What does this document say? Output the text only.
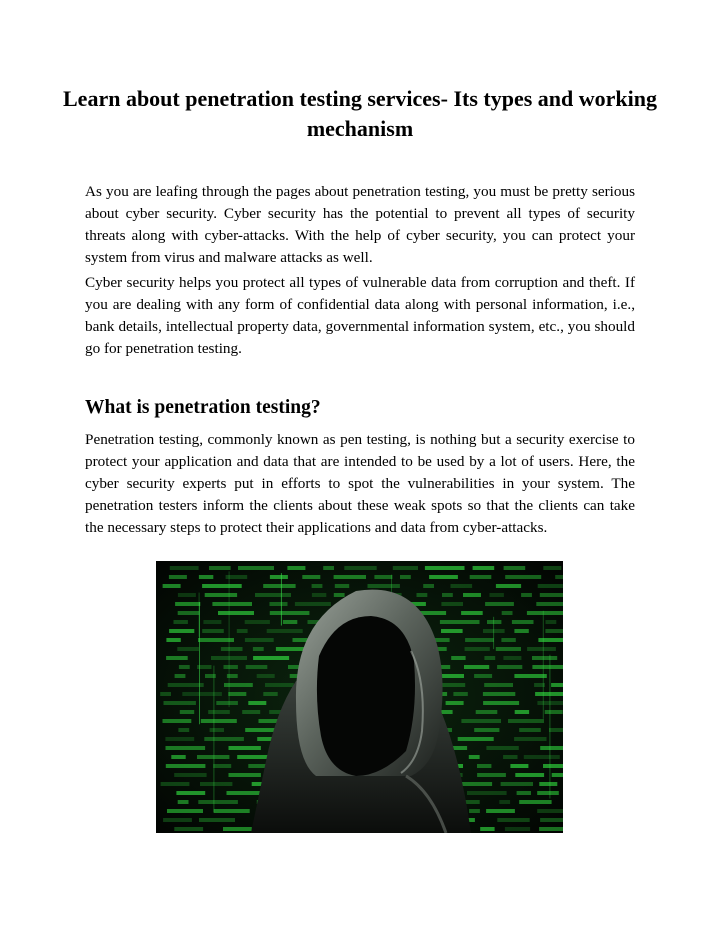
Learn about penetration testing services- Its types and working mechanism

As you are leafing through the pages about penetration testing, you must be pretty serious about cyber security. Cyber security has the potential to prevent all types of security threats along with cyber-attacks. With the help of cyber security, you can protect your system from virus and malware attacks as well.

Cyber security helps you protect all types of vulnerable data from corruption and theft. If you are dealing with any form of confidential data along with personal information, i.e., bank details, intellectual property data, governmental information system, etc., you should go for penetration testing.

What is penetration testing?

Penetration testing, commonly known as pen testing, is nothing but a security exercise to protect your application and data that are intended to be used by a lot of users. Here, the cyber security experts put in efforts to spot the vulnerabilities in your system. The penetration testers inform the clients about these weak spots so that the clients can take the necessary steps to protect their applications and data from cyber-attacks.
